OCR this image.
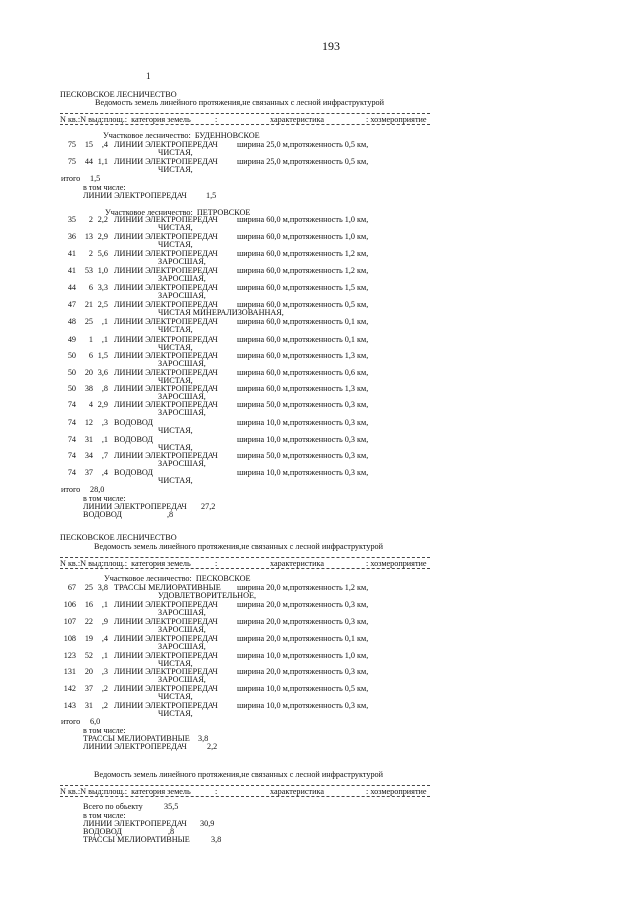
193
1
ПЕСКОВСКОЕ ЛЕСНИЧЕСТВО
Ведомость земель линейного протяжения,не связанных с лесной инфраструктурой
N кв.:N выд:площ.:  категория земель	:	характеристика	: хозмероприятие
Участковое лесничество:  БУДЕННОВСКОЕ
75 15 ,4 ЛИНИИ ЭЛЕКТРОПЕРЕДАЧ ширина 25,0 м,протяженность 0,5 км,
ЧИСТАЯ,
75 44 1,1 ЛИНИИ ЭЛЕКТРОПЕРЕДАЧ ширина 25,0 м,протяженность 0,5 км,
ЧИСТАЯ,
итого 1,5
в том числе:
ЛИНИИ ЭЛЕКТРОПЕРЕДАЧ 1,5
Участковое лесничество:  ПЕТРОВСКОЕ
35 2 2,2 ЛИНИИ ЭЛЕКТРОПЕРЕДАЧ ширина 60,0 м,протяженность 1,0 км,
ЧИСТАЯ,
36 13 2,9 ЛИНИИ ЭЛЕКТРОПЕРЕДАЧ ширина 60,0 м,протяженность 1,0 км,
ЧИСТАЯ,
41 2 5,6 ЛИНИИ ЭЛЕКТРОПЕРЕДАЧ ширина 60,0 м,протяженность 1,2 км,
ЗАРОСШАЯ,
41 53 1,0 ЛИНИИ ЭЛЕКТРОПЕРЕДАЧ ширина 60,0 м,протяженность 1,2 км,
ЗАРОСШАЯ,
44 6 3,3 ЛИНИИ ЭЛЕКТРОПЕРЕДАЧ ширина 60,0 м,протяженность 1,5 км,
ЗАРОСШАЯ,
47 21 2,5 ЛИНИИ ЭЛЕКТРОПЕРЕДАЧ ширина 60,0 м,протяженность 0,5 км,
ЧИСТАЯ МИНЕРАЛИЗОВАННАЯ,
48 25 ,1 ЛИНИИ ЭЛЕКТРОПЕРЕДАЧ ширина 60,0 м,протяженность 0,1 км,
ЧИСТАЯ,
49 1 ,1 ЛИНИИ ЭЛЕКТРОПЕРЕДАЧ ширина 60,0 м,протяженность 0,1 км,
ЧИСТАЯ,
50 6 1,5 ЛИНИИ ЭЛЕКТРОПЕРЕДАЧ ширина 60,0 м,протяженность 1,3 км,
ЗАРОСШАЯ,
50 20 3,6 ЛИНИИ ЭЛЕКТРОПЕРЕДАЧ ширина 60,0 м,протяженность 0,6 км,
ЧИСТАЯ,
50 38 ,8 ЛИНИИ ЭЛЕКТРОПЕРЕДАЧ ширина 60,0 м,протяженность 1,3 км,
ЗАРОСШАЯ,
74 4 2,9 ЛИНИИ ЭЛЕКТРОПЕРЕДАЧ ширина 50,0 м,протяженность 0,3 км,
ЗАРОСШАЯ,
74 12 ,3 ВОДОВОД	ширина 10,0 м,протяженность 0,3 км,
ЧИСТАЯ,
74 31 ,1 ВОДОВОД	ширина 10,0 м,протяженность 0,3 км,
ЧИСТАЯ,
74 34 ,7 ЛИНИИ ЭЛЕКТРОПЕРЕДАЧ ширина 50,0 м,протяженность 0,3 км,
ЗАРОСШАЯ,
74 37 ,4 ВОДОВОД	ширина 10,0 м,протяженность 0,3 км,
ЧИСТАЯ,
итого 28,0
в том числе:
ЛИНИИ ЭЛЕКТРОПЕРЕДАЧ 27,2
ВОДОВОД	,8
ПЕСКОВСКОЕ ЛЕСНИЧЕСТВО
Ведомость земель линейного протяжения,не связанных с лесной инфраструктурой
N кв.:N выд:площ.:  категория земель	:	характеристика	: хозмероприятие
Участковое лесничество:  ПЕСКОВСКОЕ
67 25 3,8 ТРАССЫ МЕЛИОРАТИВНЫЕ ширина 20,0 м,протяженность 1,2 км,
УДОВЛЕТВОРИТЕЛЬНОЕ,
106 16 ,1 ЛИНИИ ЭЛЕКТРОПЕРЕДАЧ ширина 20,0 м,протяженность 0,3 км,
ЗАРОСШАЯ,
107 22 ,9 ЛИНИИ ЭЛЕКТРОПЕРЕДАЧ ширина 20,0 м,протяженность 0,3 км,
ЗАРОСШАЯ,
108 19 ,4 ЛИНИИ ЭЛЕКТРОПЕРЕДАЧ ширина 20,0 м,протяженность 0,1 км,
ЗАРОСШАЯ,
123 52 ,1 ЛИНИИ ЭЛЕКТРОПЕРЕДАЧ ширина 10,0 м,протяженность 1,0 км,
ЧИСТАЯ,
131 20 ,3 ЛИНИИ ЭЛЕКТРОПЕРЕДАЧ ширина 20,0 м,протяженность 0,3 км,
ЗАРОСШАЯ,
142 37 ,2 ЛИНИИ ЭЛЕКТРОПЕРЕДАЧ ширина 10,0 м,протяженность 0,5 км,
ЧИСТАЯ,
143 31 ,2 ЛИНИИ ЭЛЕКТРОПЕРЕДАЧ ширина 10,0 м,протяженность 0,3 км,
ЧИСТАЯ,
итого 6,0
в том числе:
ТРАССЫ МЕЛИОРАТИВНЫЕ 3,8
ЛИНИИ ЭЛЕКТРОПЕРЕДАЧ 2,2
Ведомость земель линейного протяжения,не связанных с лесной инфраструктурой
N кв.:N выд:площ.:  категория земель	:	характеристика	: хозмероприятие
Всего по обьекту	35,5
в том числе:
ЛИНИИ ЭЛЕКТРОПЕРЕДАЧ 30,9
ВОДОВОД	,8
ТРАССЫ МЕЛИОРАТИВНЫЕ	3,8
